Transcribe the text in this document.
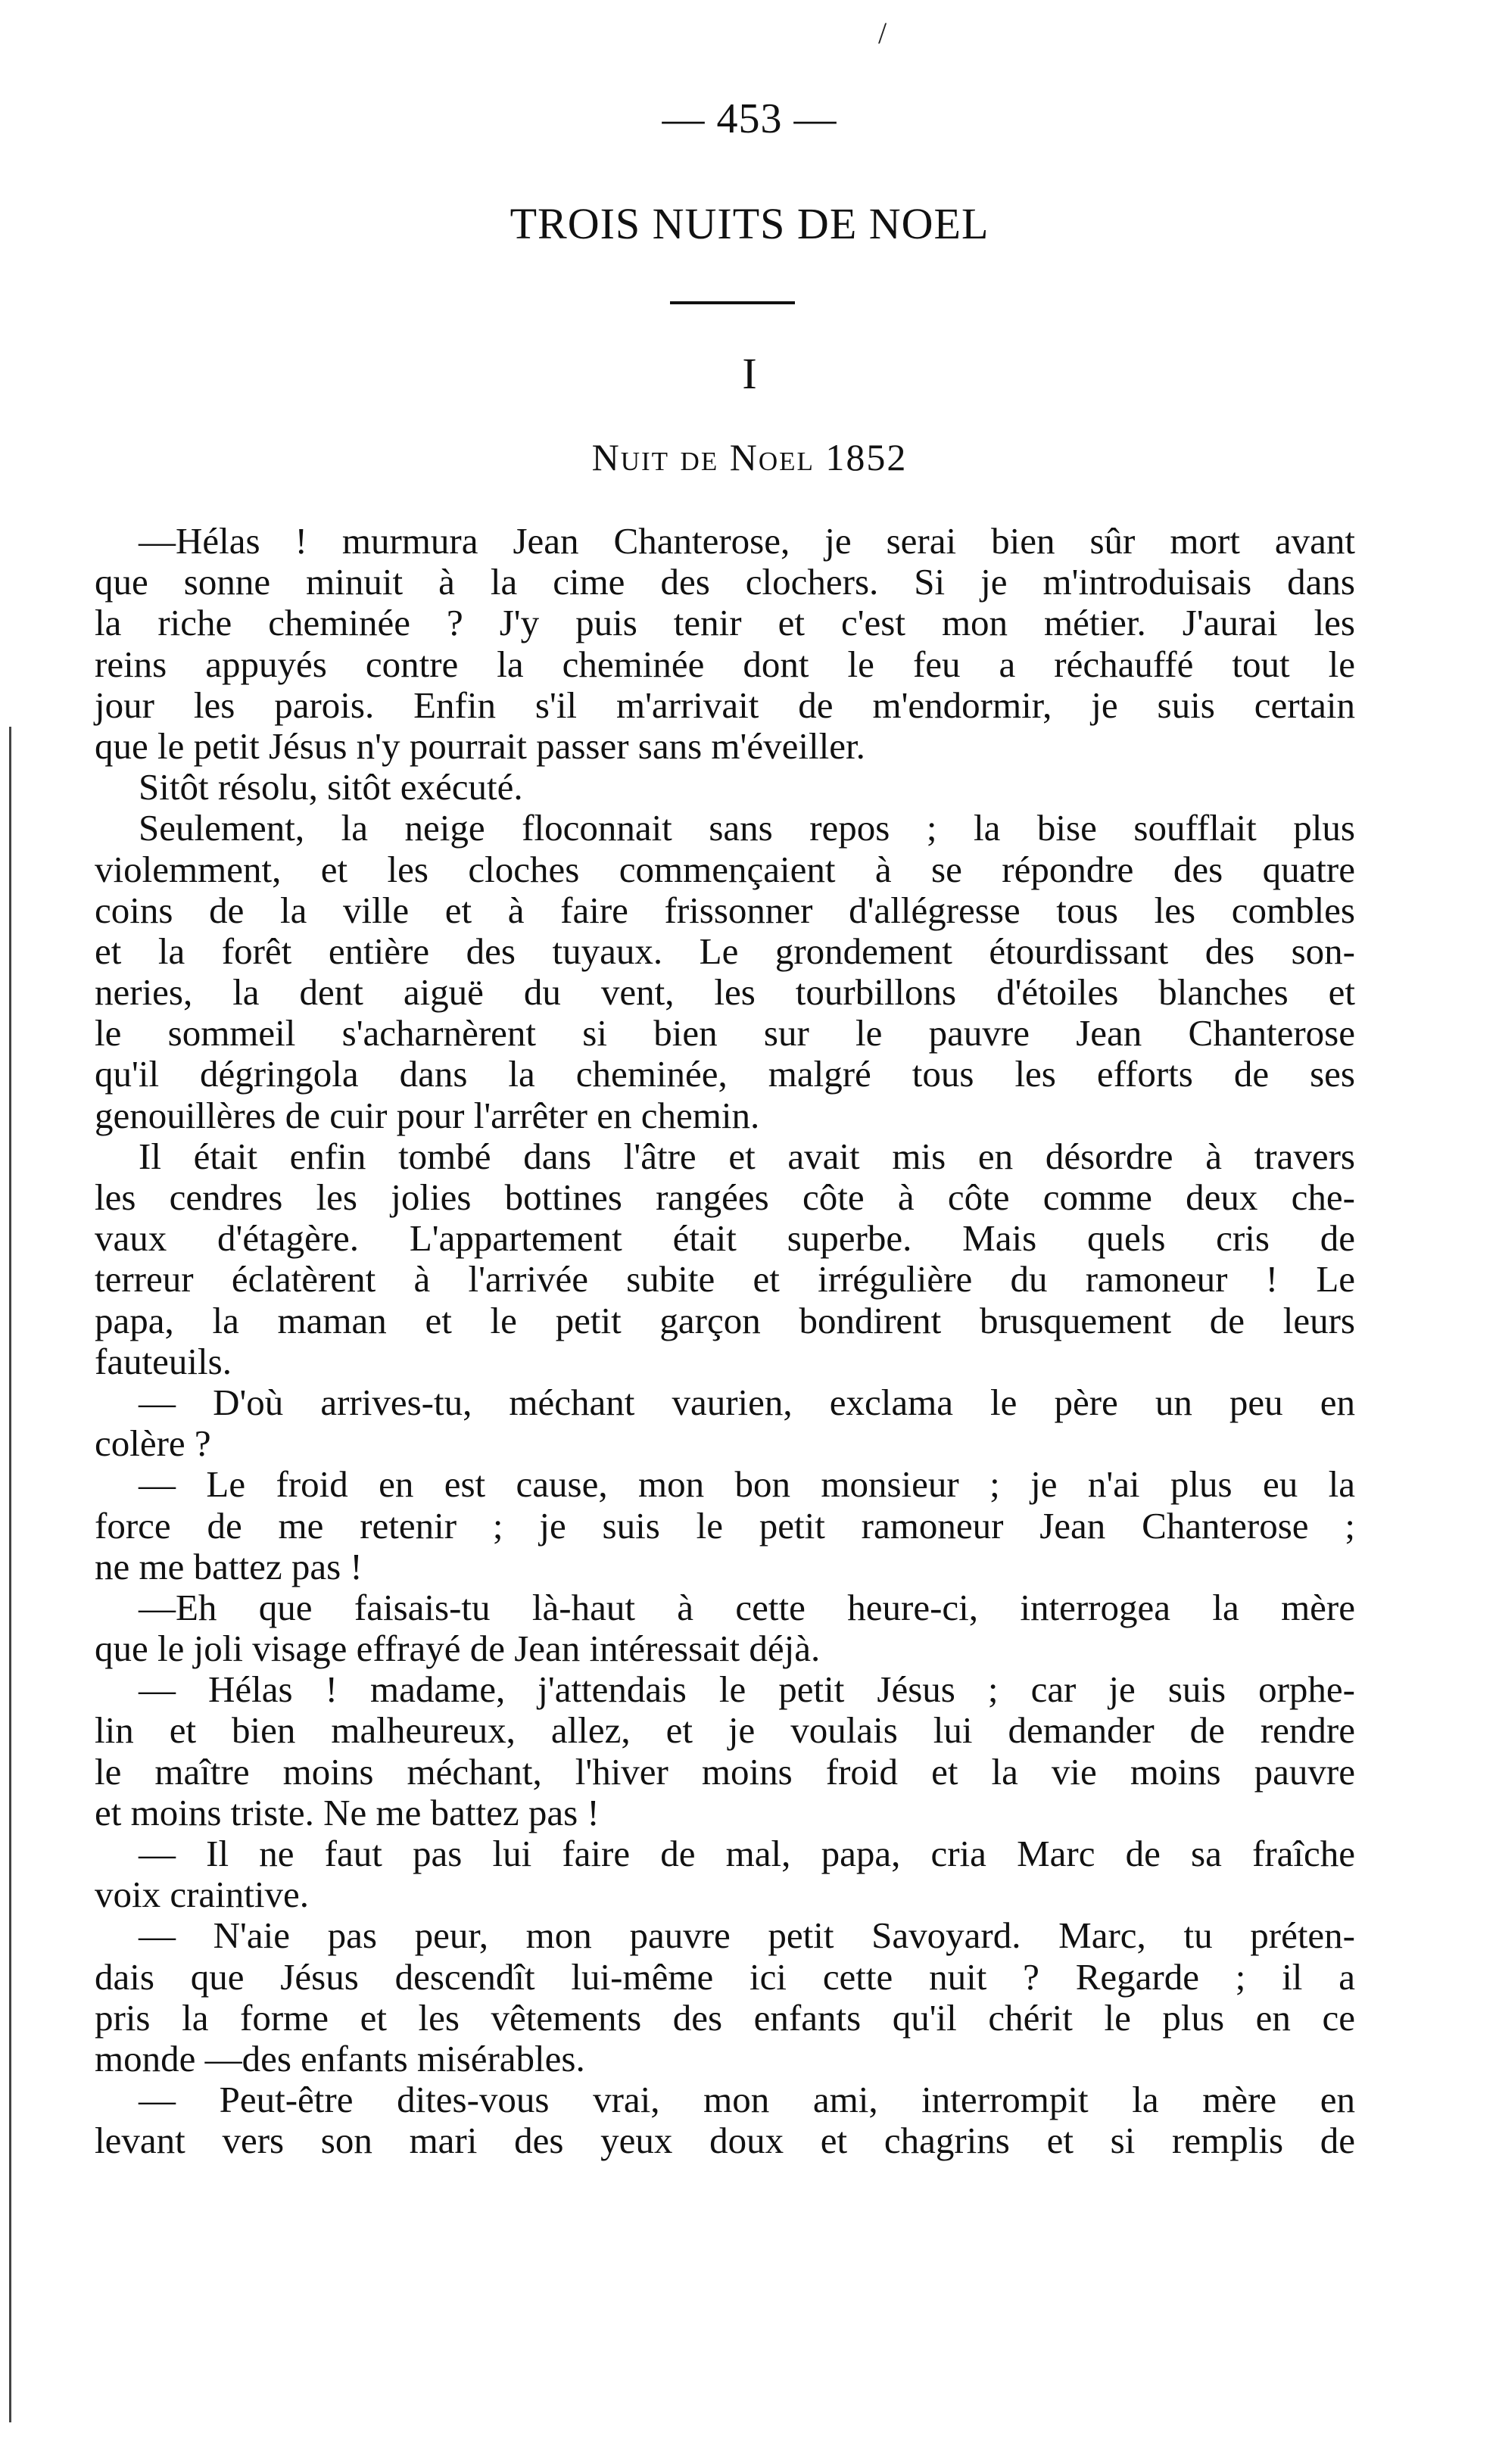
/
— 453 —
TROIS NUITS DE NOEL
I
Nuit de Noel 1852
—Hélas ! murmura Jean Chanterose, je serai bien sûr mort avant
que sonne minuit à la cime des clochers. Si je m'introduisais dans
la riche cheminée ? J'y puis tenir et c'est mon métier. J'aurai les
reins appuyés contre la cheminée dont le feu a réchauffé tout le
jour les parois. Enfin s'il m'arrivait de m'endormir, je suis certain
que le petit Jésus n'y pourrait passer sans m'éveiller.
Sitôt résolu, sitôt exécuté.
Seulement, la neige floconnait sans repos ; la bise soufflait plus
violemment, et les cloches commençaient à se répondre des quatre
coins de la ville et à faire frissonner d'allégresse tous les combles
et la forêt entière des tuyaux. Le grondement étourdissant des son-
neries, la dent aiguë du vent, les tourbillons d'étoiles blanches et
le sommeil s'acharnèrent si bien sur le pauvre Jean Chanterose
qu'il dégringola dans la cheminée, malgré tous les efforts de ses
genouillères de cuir pour l'arrêter en chemin.
Il était enfin tombé dans l'âtre et avait mis en désordre à travers
les cendres les jolies bottines rangées côte à côte comme deux che-
vaux d'étagère. L'appartement était superbe. Mais quels cris de
terreur éclatèrent à l'arrivée subite et irrégulière du ramoneur ! Le
papa, la maman et le petit garçon bondirent brusquement de leurs
fauteuils.
— D'où arrives-tu, méchant vaurien, exclama le père un peu en
colère ?
— Le froid en est cause, mon bon monsieur ; je n'ai plus eu la
force de me retenir ; je suis le petit ramoneur Jean Chanterose ;
ne me battez pas !
—Eh que faisais-tu là-haut à cette heure-ci, interrogea la mère
que le joli visage effrayé de Jean intéressait déjà.
— Hélas ! madame, j'attendais le petit Jésus ; car je suis orphe-
lin et bien malheureux, allez, et je voulais lui demander de rendre
le maître moins méchant, l'hiver moins froid et la vie moins pauvre
et moins triste. Ne me battez pas !
— Il ne faut pas lui faire de mal, papa, cria Marc de sa fraîche
voix craintive.
— N'aie pas peur, mon pauvre petit Savoyard. Marc, tu préten-
dais que Jésus descendît lui-même ici cette nuit ? Regarde ; il a
pris la forme et les vêtements des enfants qu'il chérit le plus en ce
monde —des enfants misérables.
— Peut-être dites-vous vrai, mon ami, interrompit la mère en
levant vers son mari des yeux doux et chagrins et si remplis de
